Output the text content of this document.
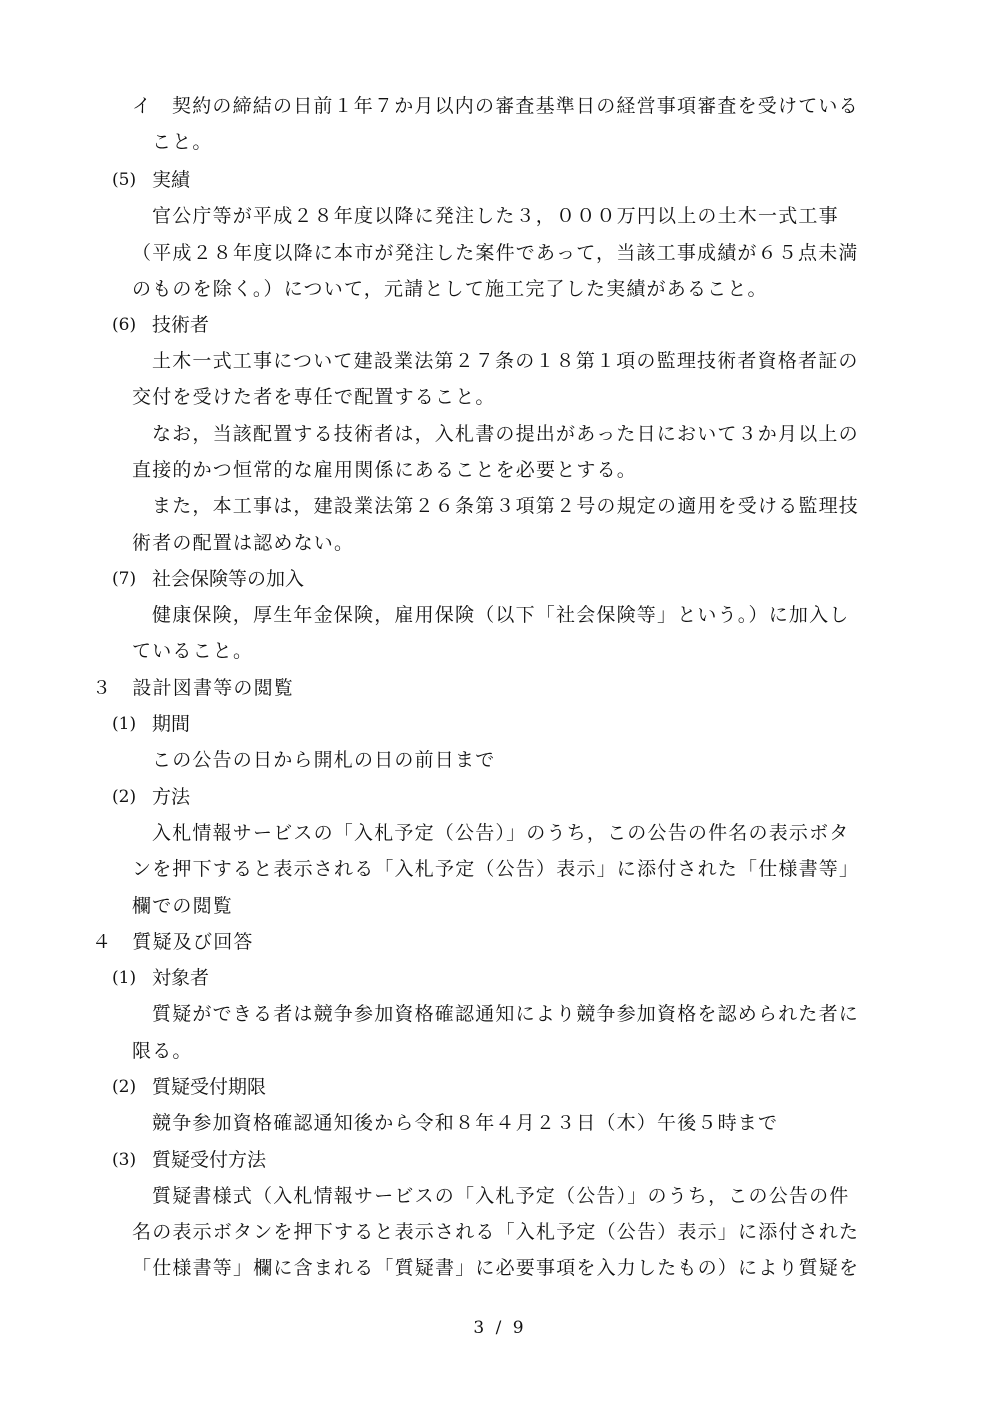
イ 契約の締結の日前１年７か月以内の審査基準日の経営事項審査を受けている
こと。
(5) 実績
官公庁等が平成２８年度以降に発注した３，０００万円以上の土木一式工事
（平成２８年度以降に本市が発注した案件であって，当該工事成績が６５点未満
のものを除く。）について，元請として施工完了した実績があること。
(6) 技術者
土木一式工事について建設業法第２７条の１８第１項の監理技術者資格者証の
交付を受けた者を専任で配置すること。
なお，当該配置する技術者は，入札書の提出があった日において３か月以上の
直接的かつ恒常的な雇用関係にあることを必要とする。
また，本工事は，建設業法第２６条第３項第２号の規定の適用を受ける監理技
術者の配置は認めない。
(7) 社会保険等の加入
健康保険，厚生年金保険，雇用保険（以下「社会保険等」という。）に加入し
ていること。
３　設計図書等の閲覧
(1) 期間
この公告の日から開札の日の前日まで
(2) 方法
入札情報サービスの「入札予定（公告）」のうち，この公告の件名の表示ボタ
ンを押下すると表示される「入札予定（公告）表示」に添付された「仕様書等」
欄での閲覧
４　質疑及び回答
(1) 対象者
質疑ができる者は競争参加資格確認通知により競争参加資格を認められた者に
限る。
(2) 質疑受付期限
競争参加資格確認通知後から令和８年４月２３日（木）午後５時まで
(3) 質疑受付方法
質疑書様式（入札情報サービスの「入札予定（公告）」のうち，この公告の件
名の表示ボタンを押下すると表示される「入札予定（公告）表示」に添付された
「仕様書等」欄に含まれる「質疑書」に必要事項を入力したもの）により質疑を
3 / 9
